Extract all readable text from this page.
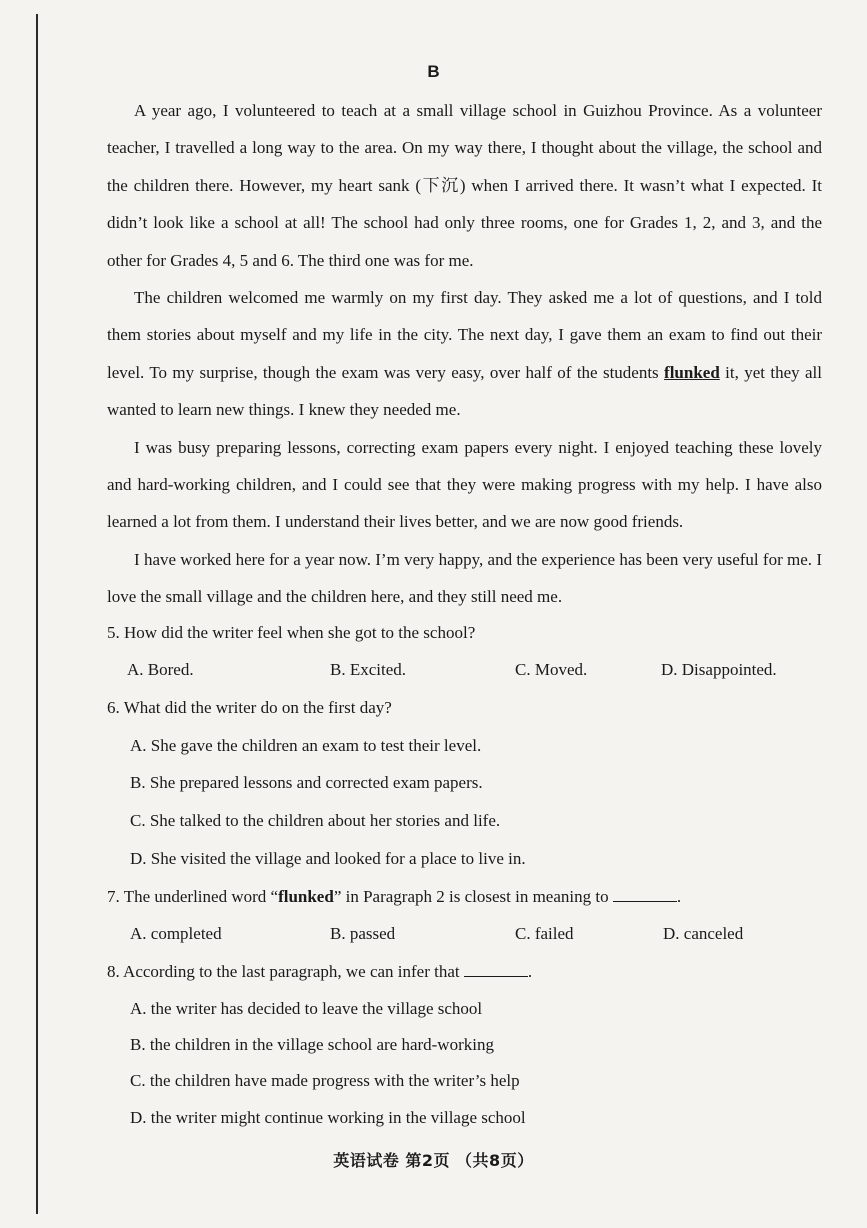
B

A year ago, I volunteered to teach at a small village school in Guizhou Province. As a volunteer teacher, I travelled a long way to the area. On my way there, I thought about the village, the school and the children there. However, my heart sank (下沉) when I arrived there. It wasn’t what I expected. It didn’t look like a school at all! The school had only three rooms, one for Grades 1, 2, and 3, and the other for Grades 4, 5 and 6. The third one was for me.

The children welcomed me warmly on my first day. They asked me a lot of questions, and I told them stories about myself and my life in the city. The next day, I gave them an exam to find out their level. To my surprise, though the exam was very easy, over half of the students flunked it, yet they all wanted to learn new things. I knew they needed me.

I was busy preparing lessons, correcting exam papers every night. I enjoyed teaching these lovely and hard-working children, and I could see that they were making progress with my help. I have also learned a lot from them. I understand their lives better, and we are now good friends.

I have worked here for a year now. I’m very happy, and the experience has been very useful for me. I love the small village and the children here, and they still need me.

5. How did the writer feel when she got to the school?
A. Bored.	B. Excited.	C. Moved.	D. Disappointed.
6. What did the writer do on the first day?
A. She gave the children an exam to test their level.
B. She prepared lessons and corrected exam papers.
C. She talked to the children about her stories and life.
D. She visited the village and looked for a place to live in.
7. The underlined word “flunked” in Paragraph 2 is closest in meaning to	.
A. completed	B. passed	C. failed	D. canceled
8. According to the last paragraph, we can infer that	.
A. the writer has decided to leave the village school
B. the children in the village school are hard-working
C. the children have made progress with the writer’s help
D. the writer might continue working in the village school
英语试卷 第2页 （共8页）
